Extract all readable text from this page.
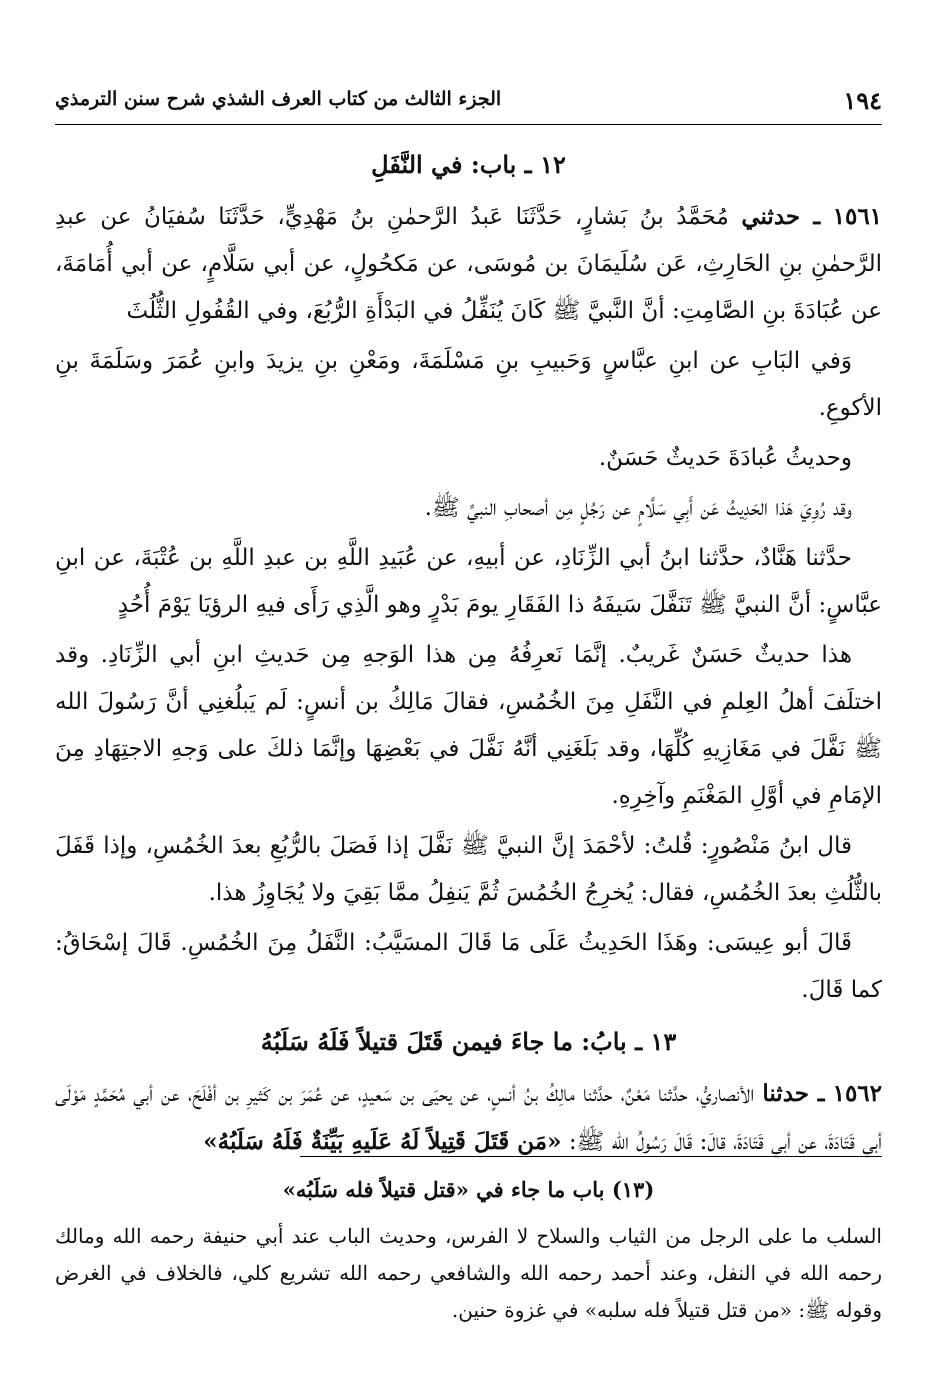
١٩٤
الجزء الثالث من كتاب العرف الشذي شرح سنن الترمذي
١٢ ـ باب: في النَّفَلِ

١٥٦١ ـ حدثني مُحَمَّدُ بنُ بَشارٍ، حَدَّثَنَا عَبدُ الرَّحمٰنِ بنُ مَهْدِيٍّ، حَدَّثَنَا سُفيَانُ عن عبدِ الرَّحمٰنِ بنِ الحَارِثِ، عَن سُلَيمَانَ بن مُوسَى، عن مَكحُولٍ، عن أبي سَلَّامٍ، عن أبي أُمَامَةَ، عن عُبَادَةَ بنِ الصَّامِتِ: أنَّ النَّبيَّ ﷺ كَانَ يُنَفِّلُ في البَدْأَةِ الرُّبُعَ، وفي القُفُولِ الثُّلُثَ

وَفي البَابِ عن ابنِ عبَّاسٍ وَحَبيبِ بنِ مَسْلَمَةَ، ومَعْنِ بنِ يزيدَ وابنِ عُمَرَ وسَلَمَةَ بنِ الأكوعِ.

وحديثُ عُبادَةَ حَديثٌ حَسَنٌ.

وقد رُوِيَ هَذا الحَدِيثُ عَن أَبِي سَلَّامٍ عن رَجُلٍ مِن أصحابِ النبيِّ ﷺ.

حدَّثنا هَنَّادٌ، حدَّثنا ابنُ أبي الزِّنَادِ، عن أبيهِ، عن عُبَيدِ اللَّهِ بن عبدِ اللَّهِ بن عُتْبَةَ، عن ابنِ عبَّاسٍ: أنَّ النبيَّ ﷺ تَنَفَّلَ سَيفَهُ ذا الفَقَارِ يومَ بَدْرٍ وهو الَّذِي رَأَى فيهِ الرؤيَا يَوْمَ أُحُدٍ

هذا حديثٌ حَسَنٌ غَريبٌ. إنَّمَا نَعرِفُهُ مِن هذا الوَجهِ مِن حَديثِ ابنِ أبي الزِّنَادِ. وقد اختلَفَ أهلُ العِلمِ في النَّفَلِ مِنَ الخُمُسِ، فقالَ مَالِكُ بن أنسٍ: لَم يَبلُغنِي أنَّ رَسُولَ الله ﷺ نَفَّلَ في مَغَازِيهِ كُلِّهَا، وقد بَلَغَنِي أنَّهُ نَفَّلَ في بَعْضِهَا وإنَّمَا ذلكَ على وَجهِ الاجتِهَادِ مِنَ الإمَامِ في أوَّلِ المَغْنَمِ وآخِرِهِ.

قال ابنُ مَنْصُورٍ: قُلتُ: لأحْمَدَ إنَّ النبيَّ ﷺ نَفَّلَ إذا فَصَلَ بالرُّبُعِ بعدَ الخُمُسِ، وإذا قَفَلَ بالثُّلُثِ بعدَ الخُمُسِ، فقال: يُخرِجُ الخُمُسَ ثُمَّ يَنفِلُ ممَّا بَقِيَ ولا يُجَاوِزُ هذا.

قَالَ أبو عِيسَى: وهَذَا الحَدِيثُ عَلَى مَا قَالَ المسَيَّبُ: النَّفَلُ مِنَ الخُمُسِ. قَالَ إسْحَاقُ: كما قَالَ.

١٣ ـ بابُ: ما جاءَ فيمن قَتَلَ قتيلاً فَلَهُ سَلَبُهُ

١٥٦٢ ـ حدثنا الأنصاريُّ، حدَّثنا مَعْنٌ، حدَّثنا مالِكُ بنُ أنسٍ، عن يحيَى بن سَعيدٍ، عن عُمَرَ بن كَثيرِ بن أفْلَحَ، عن أبي مُحَمَّدٍ مَوْلَى أبي قَتَادَةَ، عن أبي قَتَادَةَ، قالَ: قَالَ رَسُولُ الله ﷺ: «مَن قَتَلَ قَتِيلاً لَهُ عَلَيهِ بَيِّنَةٌ فَلَهُ سَلَبُهُ»

(١٣) باب ما جاء في «قتل قتيلاً فله سَلَبُه»

السلب ما على الرجل من الثياب والسلاح لا الفرس، وحديث الباب عند أبي حنيفة رحمه الله ومالك رحمه الله في النفل، وعند أحمد رحمه الله والشافعي رحمه الله تشريع كلي، فالخلاف في الغرض وقوله ﷺ: «من قتل قتيلاً فله سلبه» في غزوة حنين.
